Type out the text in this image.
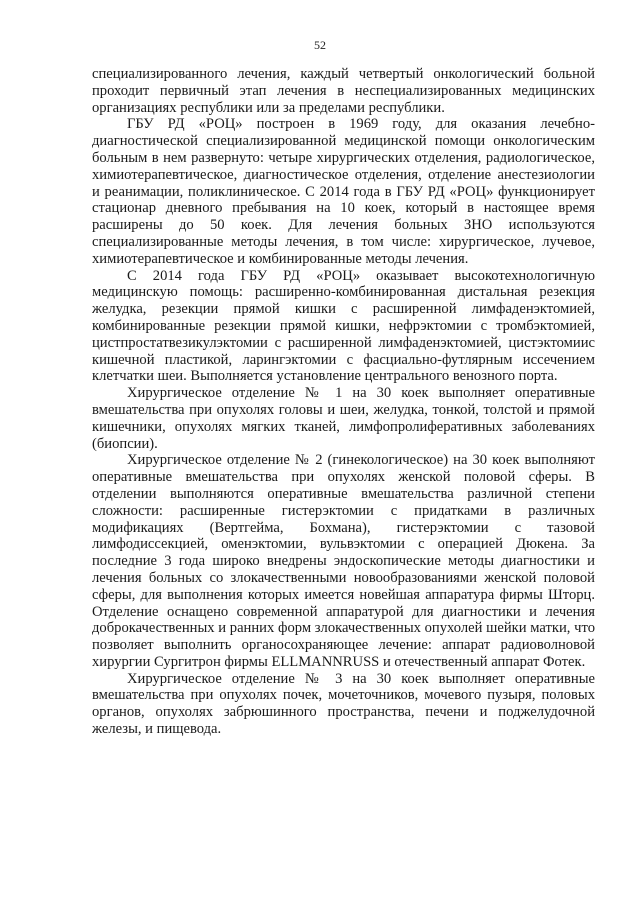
52

специализированного лечения, каждый четвертый онкологический больной проходит первичный этап лечения в неспециализированных медицинских организациях республики или за пределами республики.

ГБУ РД «РОЦ» построен в 1969 году, для оказания лечебно-диагностической специализированной медицинской помощи онкологическим больным в нем развернуто: четыре хирургических отделения, радиологическое, химиотерапевтическое, диагностическое отделения, отделение анестезиологии и реанимации, поликлиническое. С 2014 года в ГБУ РД «РОЦ» функционирует стационар дневного пребывания на 10 коек, который в настоящее время расширены до 50 коек. Для лечения больных ЗНО используются специализированные методы лечения, в том числе: хирургическое, лучевое, химиотерапевтическое и комбинированные методы лечения.

С 2014 года ГБУ РД «РОЦ» оказывает высокотехнологичную медицинскую помощь: расширенно-комбинированная дистальная резекция желудка, резекции прямой кишки с расширенной лимфаденэктомией, комбинированные резекции прямой кишки, нефрэктомии с тромбэктомией, цистпростатвезикулэктомии с расширенной лимфаденэктомией, цистэктомиис кишечной пластикой, ларингэктомии с фасциально-футлярным иссечением клетчатки шеи. Выполняется установление центрального венозного порта.

Хирургическое отделение № 1 на 30 коек выполняет оперативные вмешательства при опухолях головы и шеи, желудка, тонкой, толстой и прямой кишечники, опухолях мягких тканей, лимфопролиферативных заболеваниях (биопсии).

Хирургическое отделение № 2 (гинекологическое) на 30 коек выполняют оперативные вмешательства при опухолях женской половой сферы. В отделении выполняются оперативные вмешательства различной степени сложности: расширенные гистерэктомии с придатками в различных модификациях (Вертгейма, Бохмана), гистерэктомии с тазовой лимфодиссекцией, оменэктомии, вульвэктомии с операцией Дюкена. За последние 3 года широко внедрены эндоскопические методы диагностики и лечения больных со злокачественными новообразованиями женской половой сферы, для выполнения которых имеется новейшая аппаратура фирмы Шторц. Отделение оснащено современной аппаратурой для диагностики и лечения доброкачественных и ранних форм злокачественных опухолей шейки матки, что позволяет выполнить органосохраняющее лечение: аппарат радиоволновой хирургии Сургитрон фирмы ELLMANNRUSS и отечественный аппарат Фотек.

Хирургическое отделение № 3 на 30 коек выполняет оперативные вмешательства при опухолях почек, мочеточников, мочевого пузыря, половых органов, опухолях забрюшинного пространства, печени и поджелудочной железы, и пищевода.
